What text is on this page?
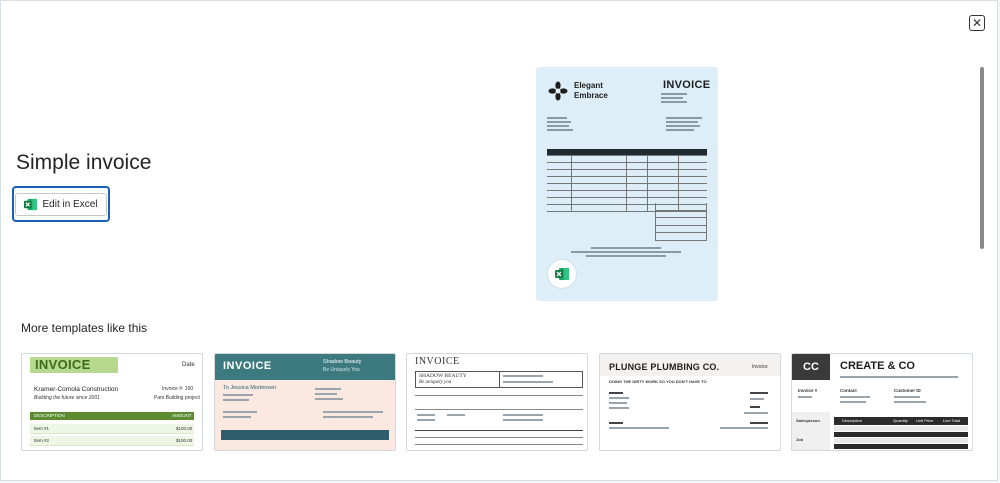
✕
Simple invoice
Edit in Excel
Elegant
Embrace
INVOICE
More templates like this
INVOICE	Date
Kramer-Comola Construction
Building the future since 2001
Invoice #: 100
Pam Building project
DESCRIPTION	AMOUNT
Item #1	$100.00
Item #2	$100.00
INVOICE	Shadow Beauty
Be Uniquely You
To Jessica Mortensen
INVOICE
SHADOW BEAUTY
Be uniquely you
PLUNGE PLUMBING CO.	Invoice
DOING THE DIRTY WORK SO YOU DON'T HAVE TO
CC	CREATE & CO
Invoice #	Contact	Customer ID
Salesperson
Job
Description	Quantity Unit Price Line Total
